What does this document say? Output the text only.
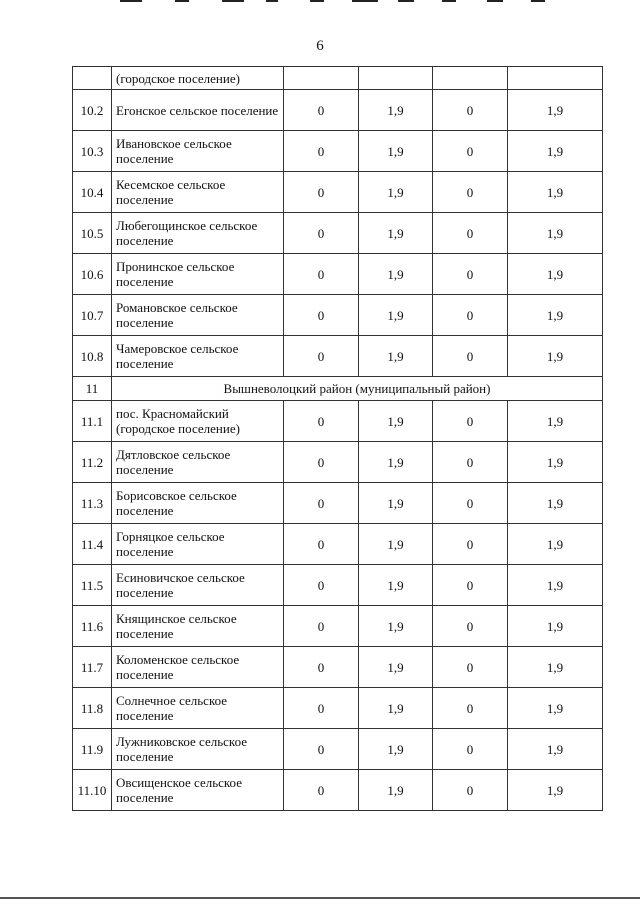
6
	(городское поселение)				
10.2	Егонское сельское поселение	0	1,9	0	1,9
10.3	Ивановское сельское поселение	0	1,9	0	1,9
10.4	Кесемское сельское поселение	0	1,9	0	1,9
10.5	Любегощинское сельское поселение	0	1,9	0	1,9
10.6	Пронинское сельское поселение	0	1,9	0	1,9
10.7	Романовское сельское поселение	0	1,9	0	1,9
10.8	Чамеровское сельское поселение	0	1,9	0	1,9
11	Вышневолоцкий район (муниципальный район)				
11.1	пос. Красномайский (городское поселение)	0	1,9	0	1,9
11.2	Дятловское сельское поселение	0	1,9	0	1,9
11.3	Борисовское сельское поселение	0	1,9	0	1,9
11.4	Горняцкое сельское поселение	0	1,9	0	1,9
11.5	Есиновичское сельское поселение	0	1,9	0	1,9
11.6	Княщинское сельское поселение	0	1,9	0	1,9
11.7	Коломенское сельское поселение	0	1,9	0	1,9
11.8	Солнечное сельское поселение	0	1,9	0	1,9
11.9	Лужниковское сельское поселение	0	1,9	0	1,9
11.10	Овсищенское сельское поселение	0	1,9	0	1,9
